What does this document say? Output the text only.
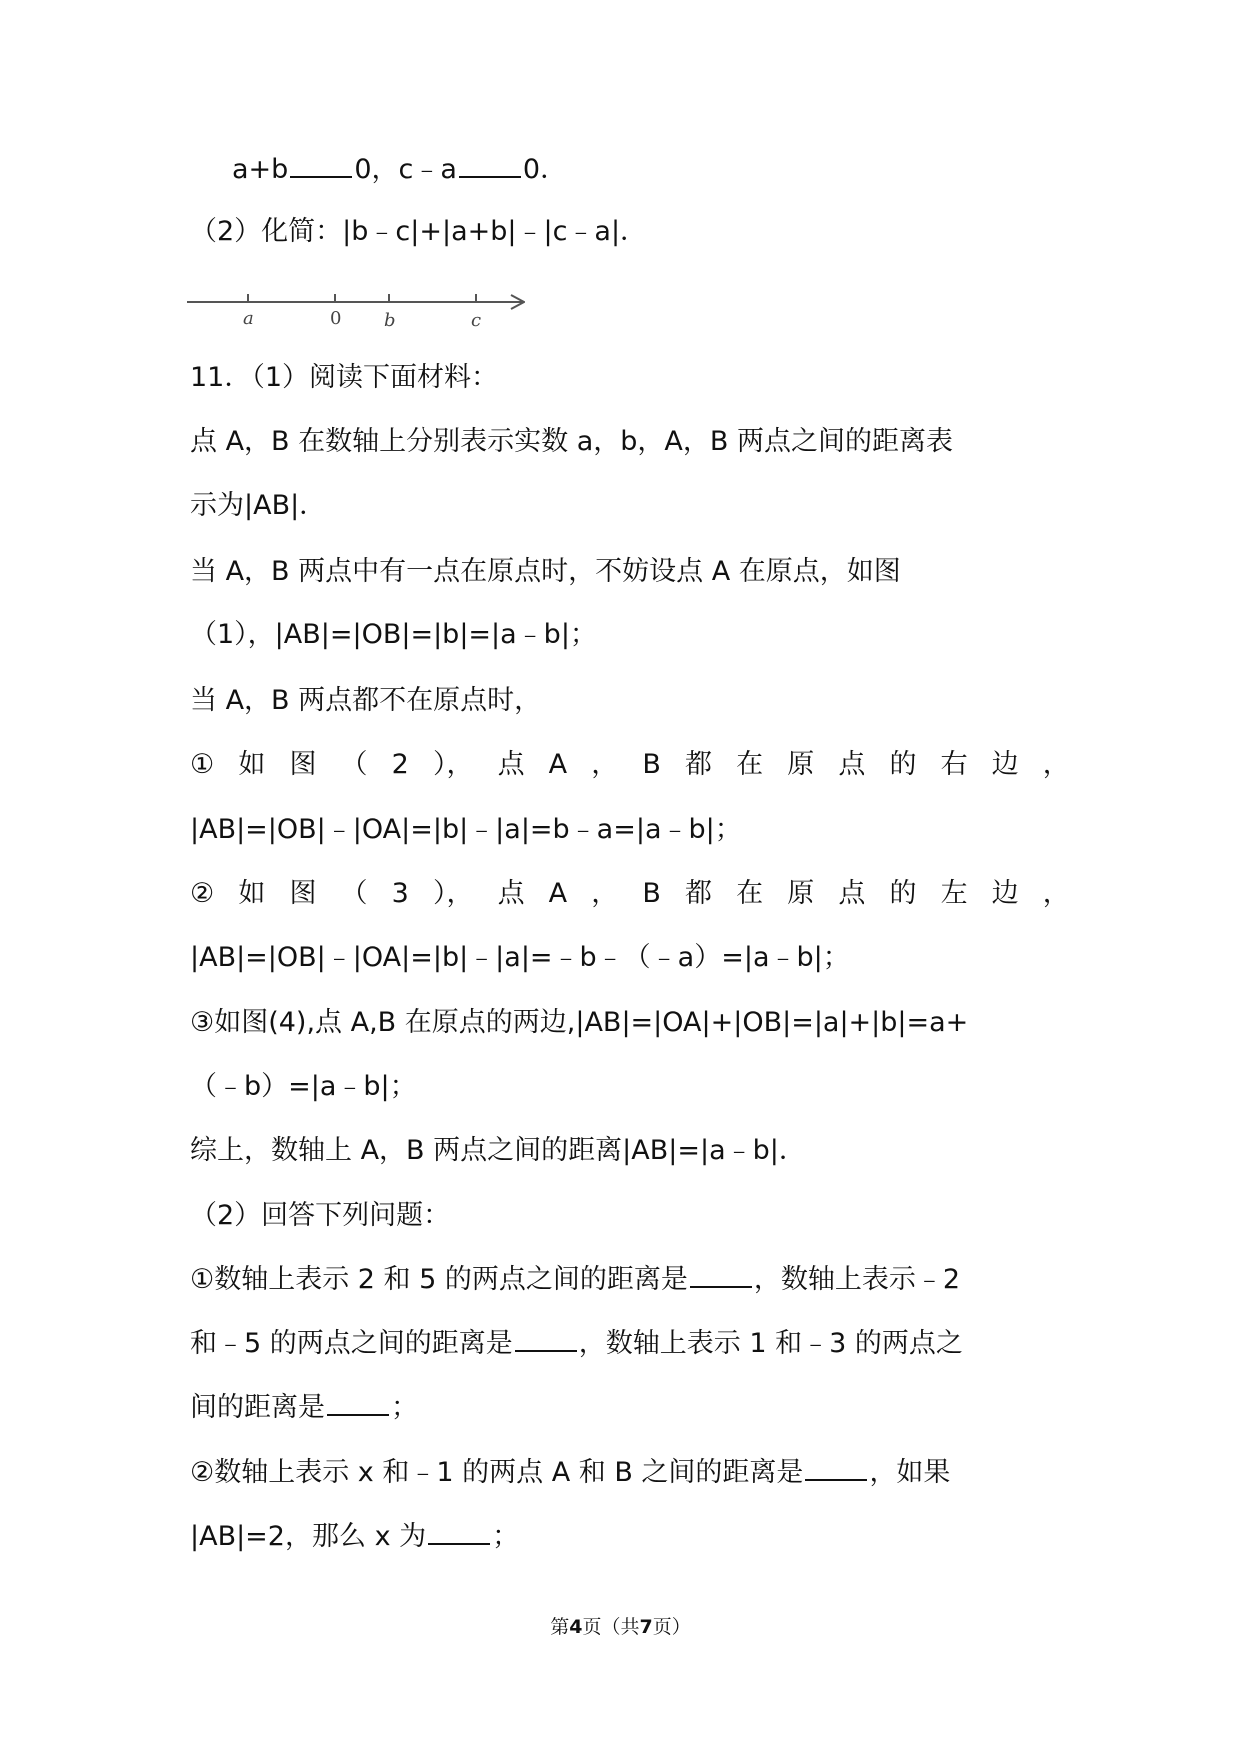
a+b 0，c﹣a 0．
（2）化简：|b﹣c|+|a+b|﹣|c﹣a|．
a	0 b	c
11．（1）阅读下面材料：
点 A，B 在数轴上分别表示实数 a，b，A，B 两点之间的距离表
示为|AB|．
当 A，B 两点中有一点在原点时，不妨设点 A 在原点，如图
（1），|AB|=|OB|=|b|=|a﹣b|；
当 A，B 两点都不在原点时，
① 如 图 （ 2 ）， 点 A ， B 都 在 原 点 的 右 边 ，
|AB|=|OB|﹣|OA|=|b|﹣|a|=b﹣a=|a﹣b|；
② 如 图 （ 3 ）， 点 A ， B 都 在 原 点 的 左 边 ，
|AB|=|OB|﹣|OA|=|b|﹣|a|=﹣b﹣（﹣a）=|a﹣b|；
③如图(4),点 A,B 在原点的两边,|AB|=|OA|+|OB|=|a|+|b|=a+
（﹣b）=|a﹣b|；
综上，数轴上 A，B 两点之间的距离|AB|=|a﹣b|．
（2）回答下列问题：
①数轴上表示 2 和 5 的两点之间的距离是 ，数轴上表示﹣2
和﹣5 的两点之间的距离是 ，数轴上表示 1 和﹣3 的两点之
间的距离是 ；
②数轴上表示 x 和﹣1 的两点 A 和 B 之间的距离是 ，如果
|AB|=2，那么 x 为 ；
第4页（共7页）
